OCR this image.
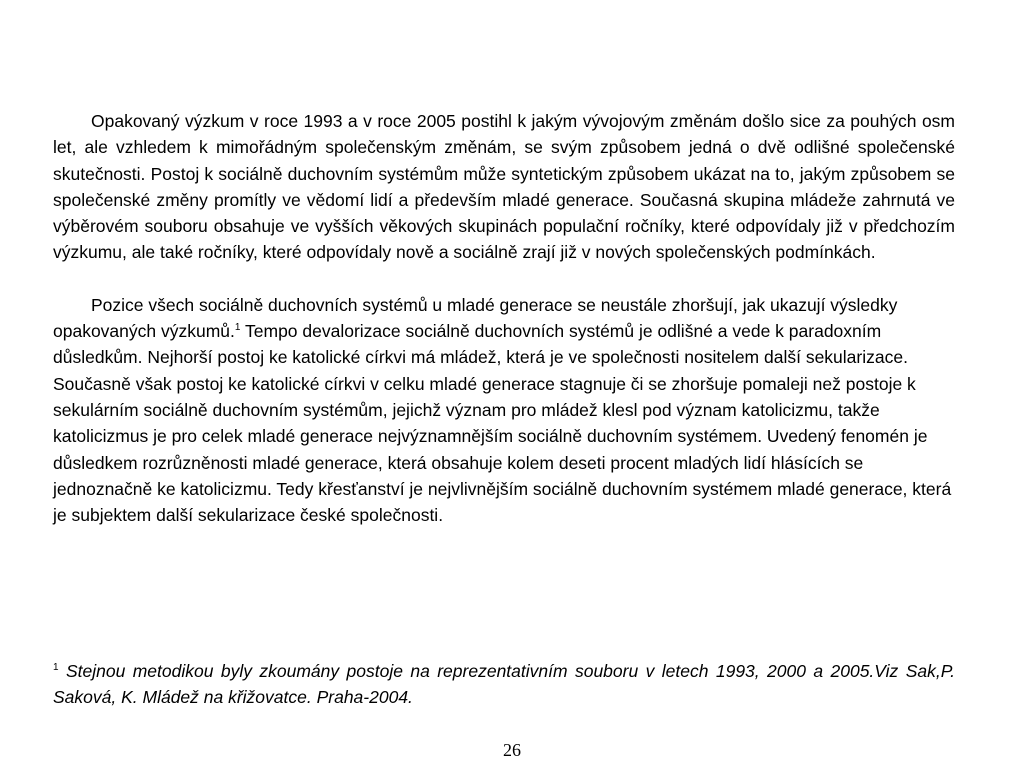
Opakovaný výzkum v roce 1993 a v roce 2005 postihl k jakým vývojovým změnám došlo sice za pouhých osm let, ale vzhledem k mimořádným společenským změnám, se svým způsobem jedná o dvě odlišné společenské skutečnosti. Postoj k sociálně duchovním systémům může syntetickým způsobem ukázat na to, jakým způsobem se společenské změny promítly ve vědomí lidí a především mladé generace. Současná skupina mládeže zahrnutá ve výběrovém souboru obsahuje ve vyšších věkových skupinách populační ročníky, které odpovídaly již v předchozím výzkumu, ale také ročníky, které odpovídaly nově a sociálně zrají již v nových společenských podmínkách.

Pozice všech sociálně duchovních systémů u mladé generace se neustále zhoršují, jak ukazují výsledky opakovaných výzkumů.$^1$ Tempo devalorizace sociálně duchovních systémů je odlišné a vede k paradoxním důsledkům. Nejhorší postoj ke katolické církvi má mládež, která je ve společnosti nositelem další sekularizace. Současně však postoj ke katolické církvi v celku mladé generace stagnuje či se zhoršuje pomaleji než postoje k sekulárním sociálně duchovním systémům, jejichž význam pro mládež klesl pod význam katolicizmu, takže katolicizmus je pro celek mladé generace nejvýznamnějším sociálně duchovním systémem. Uvedený fenomén je důsledkem rozrůzněnosti mladé generace, která obsahuje kolem deseti procent mladých lidí hlásících se jednoznačně ke katolicizmu. Tedy křesťanství je nejvlivnějším sociálně duchovním systémem mladé generace, která je subjektem další sekularizace české společnosti.

$^1$ Stejnou metodikou byly zkoumány postoje na reprezentativním souboru v letech 1993, 2000 a 2005.Viz Sak,P. Saková, K. Mládež na křižovatce. Praha-2004.

26
